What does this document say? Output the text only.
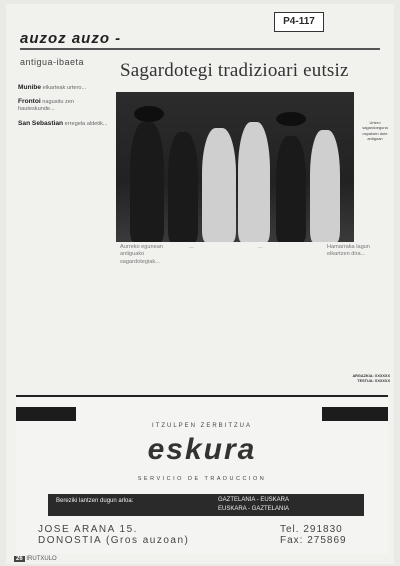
P4-117
auzoz auzo -
antigua-ibaeta Sagardotegi tradizioari eutsiz

Munibe elkarteak urtero...

Frontoi nagusitu zen hauteskunde...

San Sebastian erregela aldetik...	Urtero sagardoeguna ospatzen dute antiguan
Aurreko egunean antiguako sagardotegiak...
...	...	Hamarraka lagun elkartzen dira...
ARGAZKIA: XXXXXX
TESTUA: XXXXXX
ITZULPEN ZERBITZUA
eskura
SERVICIO DE TRADUCCION
Bereziki lantzen dugun arloa:	GAZTELANIA - EUSKARA
EUSKARA - GAZTELANIA
JOSE ARANA 15.
DONOSTIA (Gros auzoan)
Tel. 291830
Fax: 275869
26 IRUTXULO
